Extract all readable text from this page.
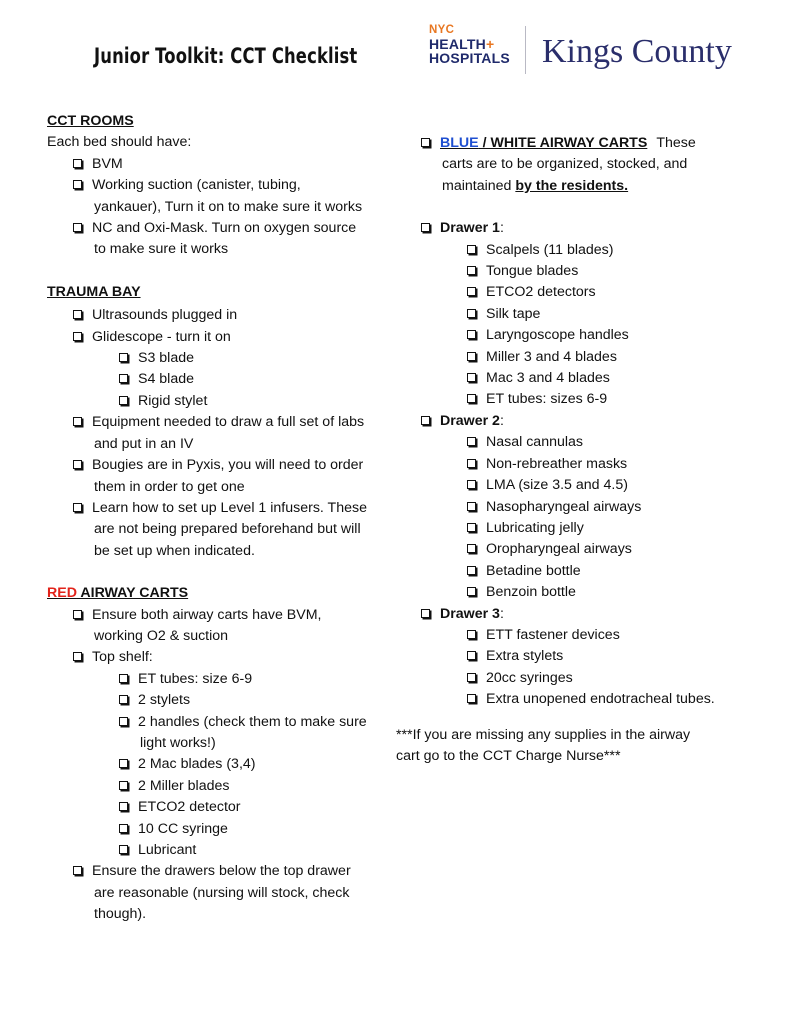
Junior Toolkit: CCT Checklist
NYC
HEALTH+
HOSPITALS Kings County
CCT ROOMS
Each bed should have:
BVM
Working suction (canister, tubing,
yankauer), Turn it on to make sure it works
NC and Oxi-Mask. Turn on oxygen source
to make sure it works
TRAUMA BAY
Ultrasounds plugged in
Glidescope - turn it on
S3 blade
S4 blade
Rigid stylet
Equipment needed to draw a full set of labs
and put in an IV
Bougies are in Pyxis, you will need to order
them in order to get one
Learn how to set up Level 1 infusers. These
are not being prepared beforehand but will
be set up when indicated.
RED AIRWAY CARTS
Ensure both airway carts have BVM,
working O2 & suction
Top shelf:
ET tubes: size 6-9
2 stylets
2 handles (check them to make sure
light works!)
2 Mac blades (3,4)
2 Miller blades
ETCO2 detector
10 CC syringe
Lubricant
Ensure the drawers below the top drawer
are reasonable (nursing will stock, check
though).
BLUE / WHITE AIRWAY CARTS These
carts are to be organized, stocked, and
maintained by the residents.
Drawer 1:
Scalpels (11 blades)
Tongue blades
ETCO2 detectors
Silk tape
Laryngoscope handles
Miller 3 and 4 blades
Mac 3 and 4 blades
ET tubes: sizes 6-9
Drawer 2:
Nasal cannulas
Non-rebreather masks
LMA (size 3.5 and 4.5)
Nasopharyngeal airways
Lubricating jelly
Oropharyngeal airways
Betadine bottle
Benzoin bottle
Drawer 3:
ETT fastener devices
Extra stylets
20cc syringes
Extra unopened endotracheal tubes.
***If you are missing any supplies in the airway
cart go to the CCT Charge Nurse***
